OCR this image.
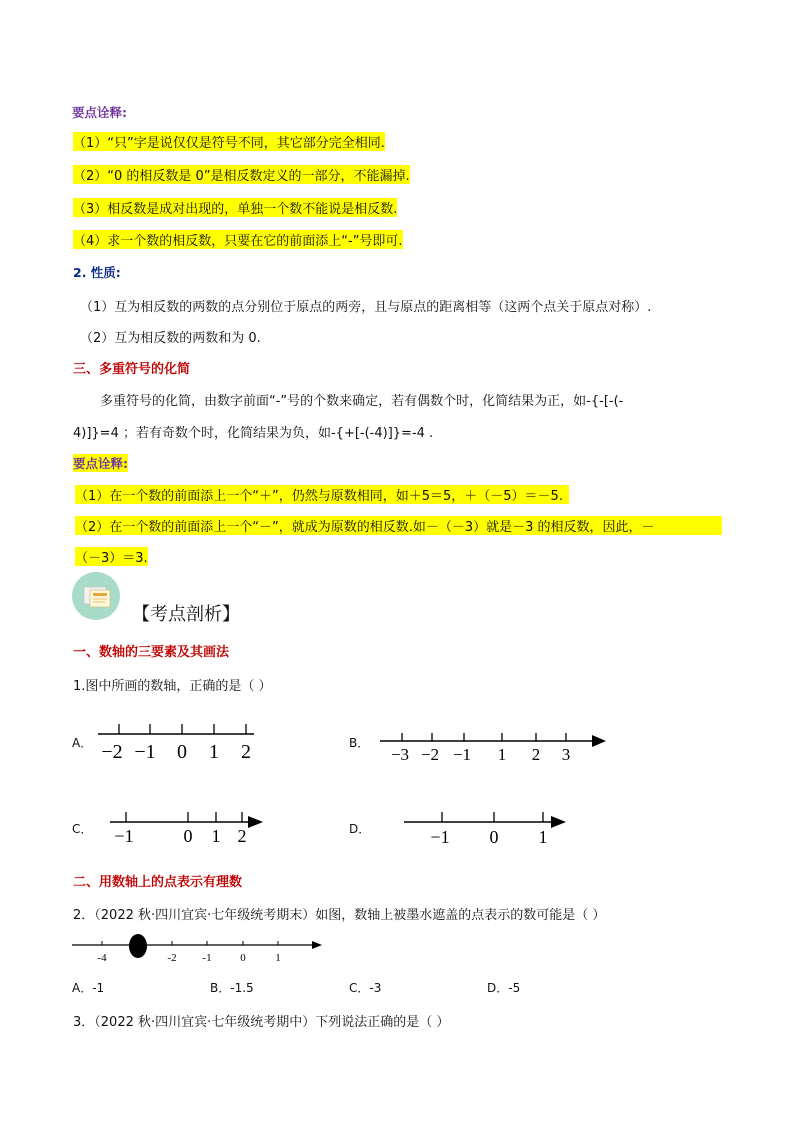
要点诠释:
（1）“只”字是说仅仅是符号不同，其它部分完全相同.
（2）“0 的相反数是 0”是相反数定义的一部分，不能漏掉.
（3）相反数是成对出现的，单独一个数不能说是相反数.
（4）求一个数的相反数，只要在它的前面添上“-”号即可.
2. 性质:
（1）互为相反数的两数的点分别位于原点的两旁，且与原点的距离相等（这两个点关于原点对称）.
（2）互为相反数的两数和为 0.
三、多重符号的化简
多重符号的化简，由数字前面“-”号的个数来确定，若有偶数个时，化简结果为正，如-{-[-(-
4)]}=4 ；若有奇数个时，化简结果为负，如-{+[-(-4)]}=-4 .
要点诠释:
（1）在一个数的前面添上一个“＋”，仍然与原数相同，如＋5＝5，＋（－5）＝－5.
（2）在一个数的前面添上一个“－”，就成为原数的相反数.如－（－3）就是－3 的相反数，因此，－
（－3）＝3.
【考点剖析】
一、数轴的三要素及其画法
1.图中所画的数轴，正确的是（ ）
A． −2 −1 0 1 2	B．
−3 −2 −1 1 2 3
C． −1	0 1 2	D．	−1 0 1
二、用数轴上的点表示有理数
2．（2022 秋·四川宜宾·七年级统考期末）如图，数轴上被墨水遮盖的点表示的数可能是（ ）
-4	-2 -1	0	1
A．-1	B．-1.5	C．-3	D．-5
3．（2022 秋·四川宜宾·七年级统考期中）下列说法正确的是（ ）
